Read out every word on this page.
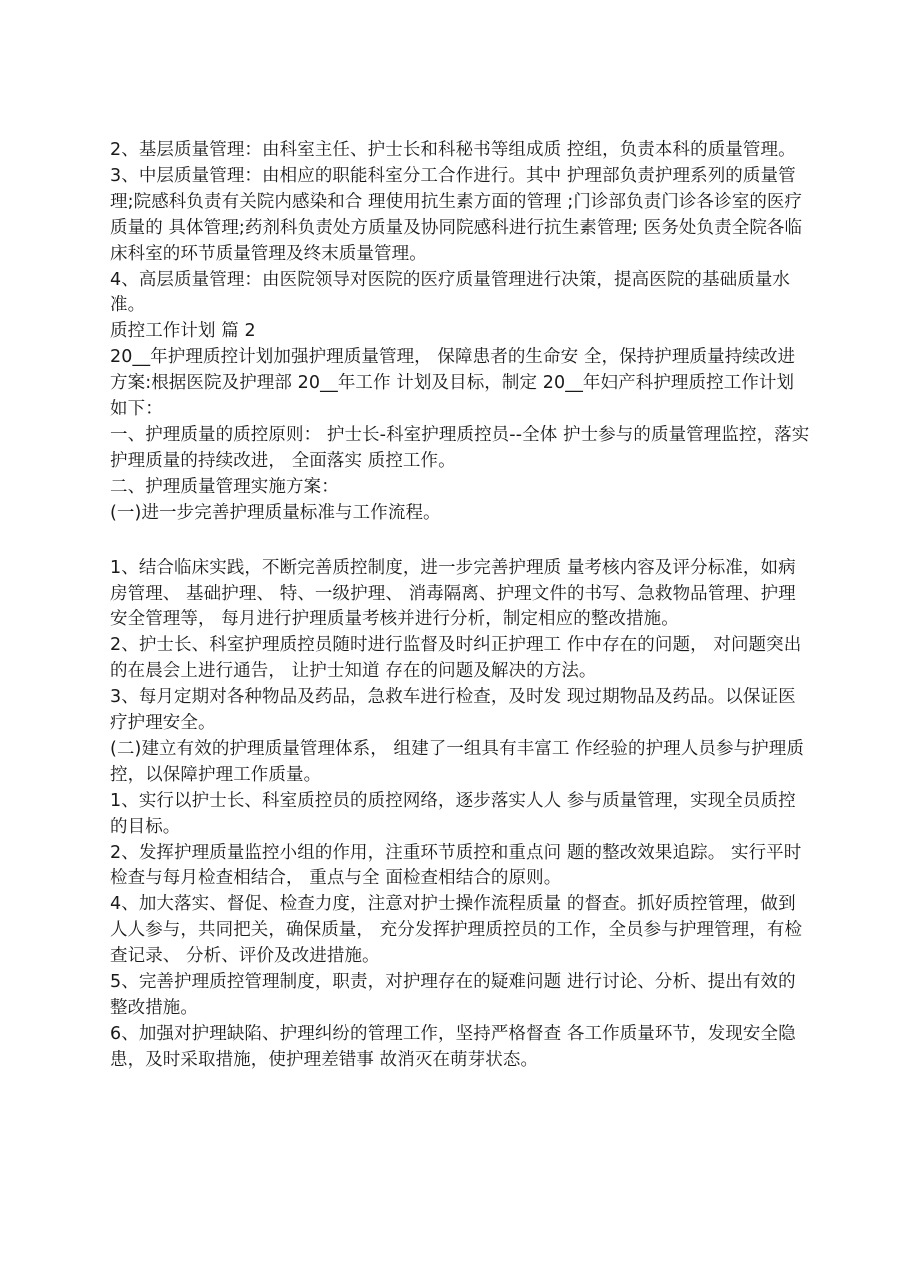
2、基层质量管理：由科室主任、护士长和科秘书等组成质 控组，负责本科的质量管理。

3、中层质量管理：由相应的职能科室分工合作进行。其中 护理部负责护理系列的质量管理;院感科负责有关院内感染和合 理使用抗生素方面的管理 ;门诊部负责门诊各诊室的医疗质量的 具体管理;药剂科负责处方质量及协同院感科进行抗生素管理; 医务处负责全院各临床科室的环节质量管理及终末质量管理。

4、高层质量管理：由医院领导对医院的医疗质量管理进行决策，提高医院的基础质量水准。

质控工作计划 篇 2

20__年护理质控计划加强护理质量管理， 保障患者的生命安 全，保持护理质量持续改进方案:根据医院及护理部 20__年工作 计划及目标，制定 20__年妇产科护理质控工作计划如下：

一、护理质量的质控原则： 护士长-科室护理质控员--全体 护士参与的质量管理监控，落实护理质量的持续改进， 全面落实 质控工作。

二、护理质量管理实施方案：

(一)进一步完善护理质量标准与工作流程。

1、结合临床实践，不断完善质控制度，进一步完善护理质 量考核内容及评分标准，如病房管理、 基础护理、 特、一级护理、 消毒隔离、护理文件的书写、急救物品管理、护理安全管理等， 每月进行护理质量考核并进行分析，制定相应的整改措施。

2、护士长、科室护理质控员随时进行监督及时纠正护理工 作中存在的问题， 对问题突出的在晨会上进行通告， 让护士知道 存在的问题及解决的方法。

3、每月定期对各种物品及药品，急救车进行检查，及时发 现过期物品及药品。以保证医疗护理安全。

(二)建立有效的护理质量管理体系， 组建了一组具有丰富工 作经验的护理人员参与护理质控，以保障护理工作质量。

1、实行以护士长、科室质控员的质控网络，逐步落实人人 参与质量管理，实现全员质控的目标。

2、发挥护理质量监控小组的作用，注重环节质控和重点问 题的整改效果追踪。 实行平时检查与每月检查相结合， 重点与全 面检查相结合的原则。

4、加大落实、督促、检查力度，注意对护士操作流程质量 的督查。抓好质控管理，做到人人参与，共同把关，确保质量， 充分发挥护理质控员的工作，全员参与护理管理，有检查记录、 分析、评价及改进措施。

5、完善护理质控管理制度，职责，对护理存在的疑难问题 进行讨论、分析、提出有效的整改措施。

6、加强对护理缺陷、护理纠纷的管理工作，坚持严格督查 各工作质量环节，发现安全隐患，及时采取措施，使护理差错事 故消灭在萌芽状态。
